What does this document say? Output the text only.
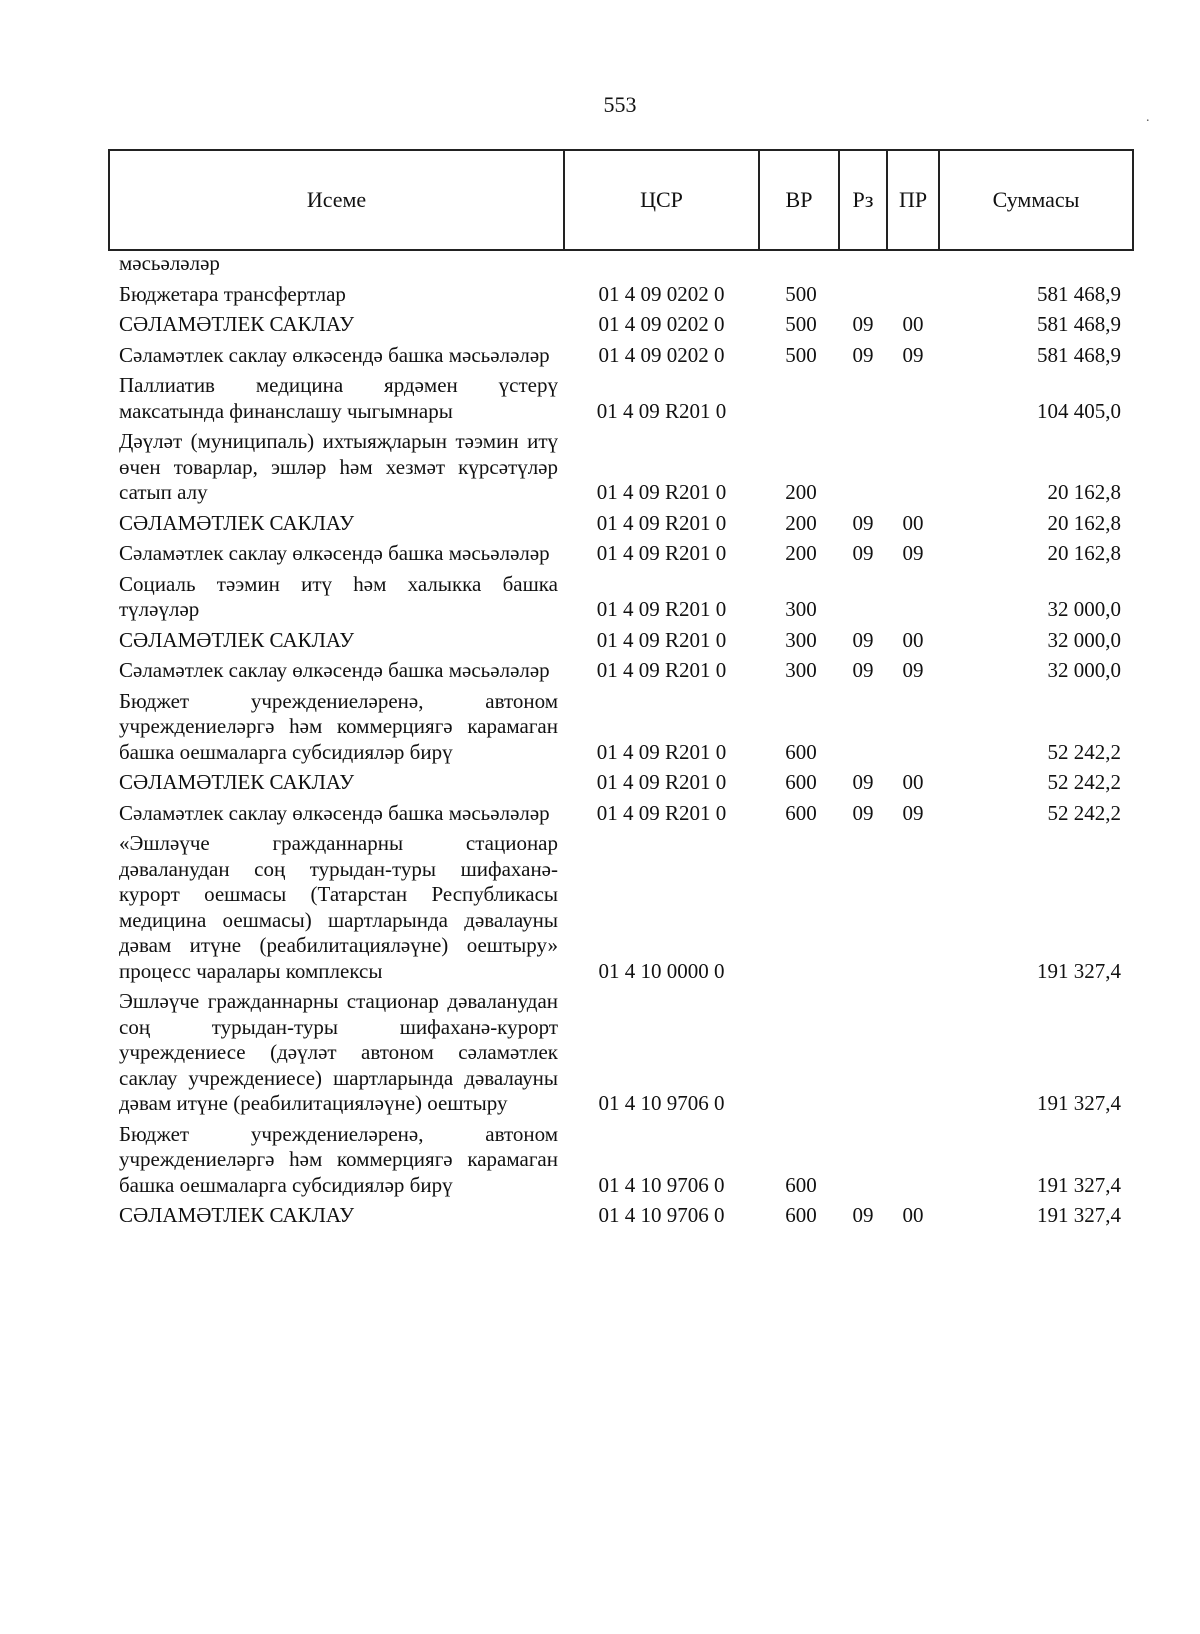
553
.
Исеме	ЦСР	ВР	Рз	ПР	Суммасы
мәсьәләләр					
Бюджетара трансфертлар	01 4 09 0202 0	500			581 468,9
СӘЛАМӘТЛЕК САКЛАУ	01 4 09 0202 0	500	09	00	581 468,9
Сәламәтлек саклау өлкәсендә башка мәсьәләләр	01 4 09 0202 0	500	09	09	581 468,9
Паллиатив медицина ярдәмен үстерү максатында финанслашу чыгымнары	01 4 09 R201 0				104 405,0
Дәүләт (муниципаль) ихтыяҗларын тәэмин итү өчен товарлар, эшләр һәм хезмәт күрсәтүләр сатып алу	01 4 09 R201 0	200			20 162,8
СӘЛАМӘТЛЕК САКЛАУ	01 4 09 R201 0	200	09	00	20 162,8
Сәламәтлек саклау өлкәсендә башка мәсьәләләр	01 4 09 R201 0	200	09	09	20 162,8
Социаль тәэмин итү һәм халыкка башка түләүләр	01 4 09 R201 0	300			32 000,0
СӘЛАМӘТЛЕК САКЛАУ	01 4 09 R201 0	300	09	00	32 000,0
Сәламәтлек саклау өлкәсендә башка мәсьәләләр	01 4 09 R201 0	300	09	09	32 000,0
Бюджет учреждениеләренә, автоном учреждениеләргә һәм коммерциягә карамаган башка оешмаларга субсидияләр бирү	01 4 09 R201 0	600			52 242,2
СӘЛАМӘТЛЕК САКЛАУ	01 4 09 R201 0	600	09	00	52 242,2
Сәламәтлек саклау өлкәсендә башка мәсьәләләр	01 4 09 R201 0	600	09	09	52 242,2
«Эшләүче гражданнарны стационар дәваланудан соң турыдан-туры шифаханә-курорт оешмасы (Татарстан Республикасы медицина оешмасы) шартларында дәвалауны дәвам итүне (реабилитацияләүне) оештыру» процесс чаралары комплексы	01 4 10 0000 0				191 327,4
Эшләүче гражданнарны стационар дәваланудан соң турыдан-туры шифаханә-курорт учреждениесе (дәүләт автоном сәламәтлек саклау учреждениесе) шартларында дәвалауны дәвам итүне (реабилитацияләүне) оештыру	01 4 10 9706 0				191 327,4
Бюджет учреждениеләренә, автоном учреждениеләргә һәм коммерциягә карамаган башка оешмаларга субсидияләр бирү	01 4 10 9706 0	600			191 327,4
СӘЛАМӘТЛЕК САКЛАУ	01 4 10 9706 0	600	09	00	191 327,4
